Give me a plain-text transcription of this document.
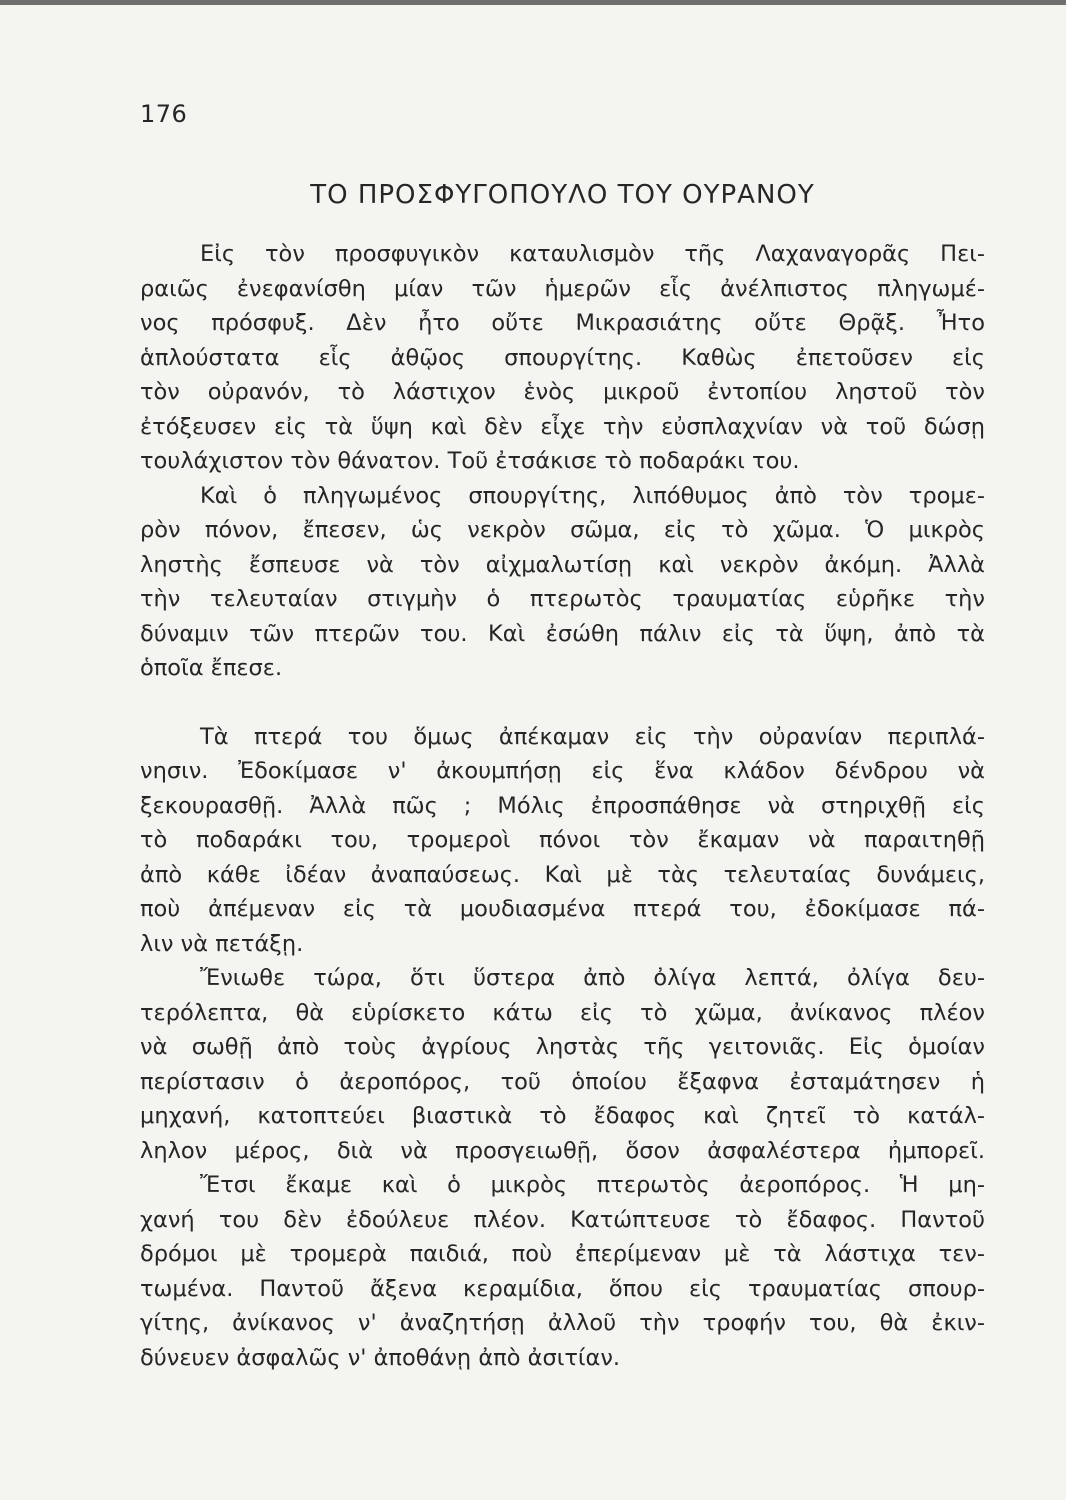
176
ΤΟ ΠΡΟΣΦΥΓΟΠΟΥΛΟ ΤΟΥ ΟΥΡΑΝΟΥ
Εἰς τὸν προσφυγικὸν καταυλισμὸν τῆς Λαχαναγορᾶς Πει-
ραιῶς ἐνεφανίσθη μίαν τῶν ἡμερῶν εἷς ἀνέλπιστος πληγωμέ-
νος πρόσφυξ. Δὲν ἦτο οὔτε Μικρασιάτης οὔτε Θρᾷξ. Ἦτο
ἁπλούστατα εἷς ἀθῷος σπουργίτης. Καθὼς ἐπετοῦσεν εἰς
τὸν οὐρανόν, τὸ λάστιχον ἑνὸς μικροῦ ἐντοπίου ληστοῦ τὸν
ἐτόξευσεν εἰς τὰ ὕψη καὶ δὲν εἶχε τὴν εὐσπλαχνίαν νὰ τοῦ δώσῃ
τουλάχιστον τὸν θάνατον. Τοῦ ἐτσάκισε τὸ ποδαράκι του.
Καὶ ὁ πληγωμένος σπουργίτης, λιπόθυμος ἀπὸ τὸν τρομε-
ρὸν πόνον, ἔπεσεν, ὡς νεκρὸν σῶμα, εἰς τὸ χῶμα. Ὁ μικρὸς
ληστὴς ἔσπευσε νὰ τὸν αἰχμαλωτίσῃ καὶ νεκρὸν ἀκόμη. Ἀλλὰ
τὴν τελευταίαν στιγμὴν ὁ πτερωτὸς τραυματίας εὑρῆκε τὴν
δύναμιν τῶν πτερῶν του. Καὶ ἐσώθη πάλιν εἰς τὰ ὕψη, ἀπὸ τὰ
ὁποῖα ἔπεσε.
Τὰ πτερά του ὅμως ἀπέκαμαν εἰς τὴν οὐρανίαν περιπλά-
νησιν. Ἐδοκίμασε ν' ἀκουμπήσῃ εἰς ἕνα κλάδον δένδρου νὰ
ξεκουρασθῇ. Ἀλλὰ πῶς ; Μόλις ἐπροσπάθησε νὰ στηριχθῇ εἰς
τὸ ποδαράκι του, τρομεροὶ πόνοι τὸν ἔκαμαν νὰ παραιτηθῇ
ἀπὸ κάθε ἰδέαν ἀναπαύσεως. Καὶ μὲ τὰς τελευταίας δυνάμεις,
ποὺ ἀπέμεναν εἰς τὰ μουδιασμένα πτερά του, ἐδοκίμασε πά-
λιν νὰ πετάξῃ.
Ἔνιωθε τώρα, ὅτι ὕστερα ἀπὸ ὀλίγα λεπτά, ὀλίγα δευ-
τερόλεπτα, θὰ εὑρίσκετο κάτω εἰς τὸ χῶμα, ἀνίκανος πλέον
νὰ σωθῇ ἀπὸ τοὺς ἀγρίους ληστὰς τῆς γειτονιᾶς. Εἰς ὁμοίαν
περίστασιν ὁ ἀεροπόρος, τοῦ ὁποίου ἔξαφνα ἐσταμάτησεν ἡ
μηχανή, κατοπτεύει βιαστικὰ τὸ ἔδαφος καὶ ζητεῖ τὸ κατάλ-
ληλον μέρος, διὰ νὰ προσγειωθῇ, ὅσον ἀσφαλέστερα ἠμπορεῖ.
Ἔτσι ἔκαμε καὶ ὁ μικρὸς πτερωτὸς ἀεροπόρος. Ἡ μη-
χανή του δὲν ἐδούλευε πλέον. Κατώπτευσε τὸ ἔδαφος. Παντοῦ
δρόμοι μὲ τρομερὰ παιδιά, ποὺ ἐπερίμεναν μὲ τὰ λάστιχα τεν-
τωμένα. Παντοῦ ἄξενα κεραμίδια, ὅπου εἰς τραυματίας σπουρ-
γίτης, ἀνίκανος ν' ἀναζητήσῃ ἀλλοῦ τὴν τροφήν του, θὰ ἐκιν-
δύνευεν ἀσφαλῶς ν' ἀποθάνῃ ἀπὸ ἀσιτίαν.
